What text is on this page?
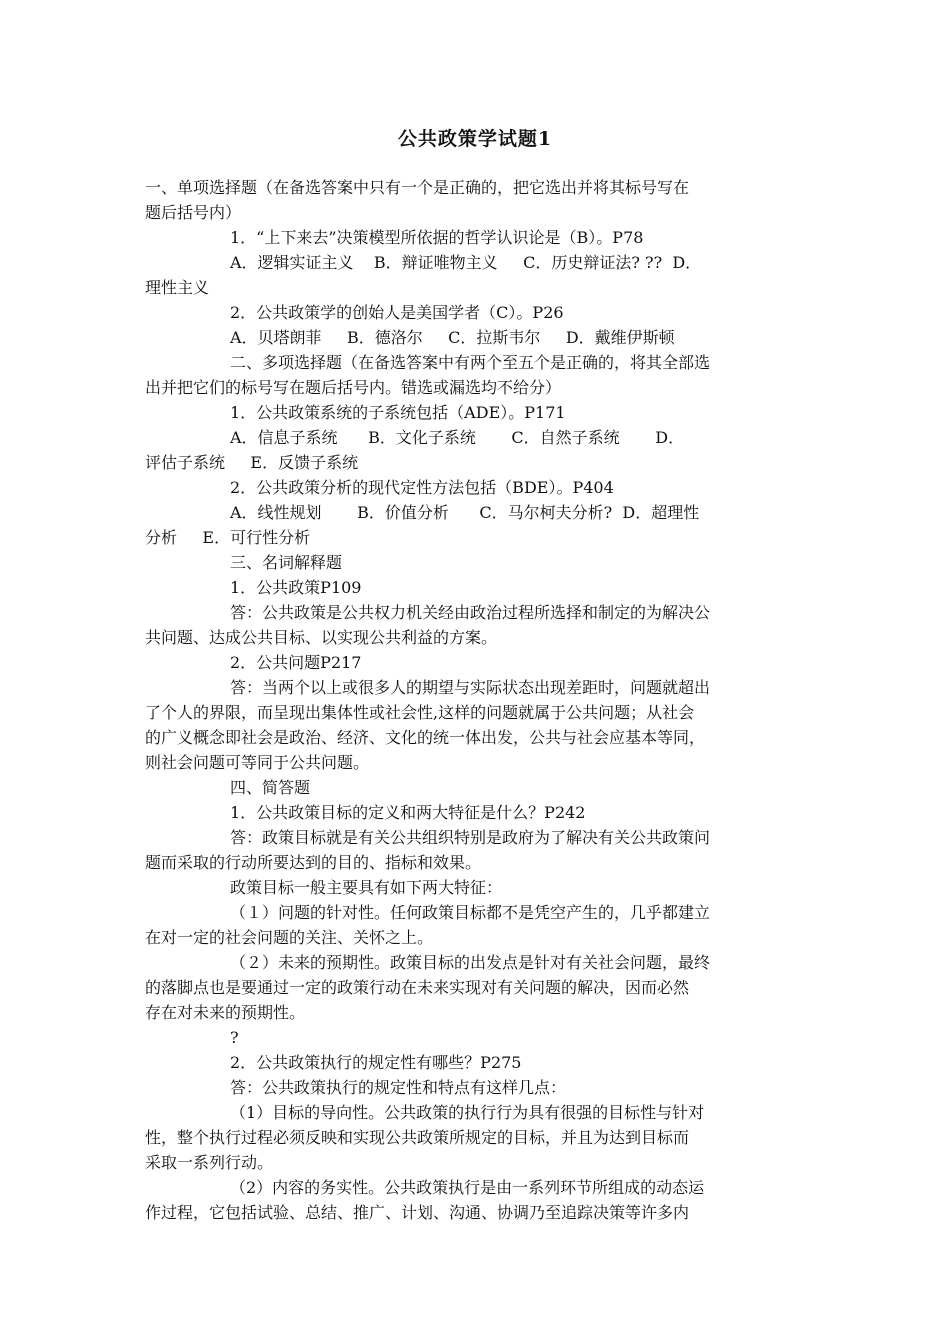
公共政策学试题1
一、单项选择题（在备选答案中只有一个是正确的，把它选出并将其标号写在
题后括号内）
1．“上下来去”决策模型所依据的哲学认识论是（B）。P78
A．逻辑实证主义    B．辩证唯物主义     C．历史辩证法? ??  D．
理性主义
2．公共政策学的创始人是美国学者（C）。P26
A．贝塔朗菲     B．德洛尔     C．拉斯韦尔     D．戴维伊斯顿
二、多项选择题（在备选答案中有两个至五个是正确的，将其全部选
出并把它们的标号写在题后括号内。错选或漏选均不给分）
1．公共政策系统的子系统包括（ADE）。P171
A．信息子系统      B．文化子系统       C．自然子系统       D．
评估子系统     E．反馈子系统
2．公共政策分析的现代定性方法包括（BDE）。P404
A．线性规划       B．价值分析      C．马尔柯夫分析?  D．超理性
分析     E．可行性分析
三、名词解释题
1．公共政策P109
答：公共政策是公共权力机关经由政治过程所选择和制定的为解决公
共问题、达成公共目标、以实现公共利益的方案。
2．公共问题P217
答：当两个以上或很多人的期望与实际状态出现差距时，问题就超出
了个人的界限，而呈现出集体性或社会性,这样的问题就属于公共问题；从社会
的广义概念即社会是政治、经济、文化的统一体出发，公共与社会应基本等同，
则社会问题可等同于公共问题。
四、简答题
1．公共政策目标的定义和两大特征是什么？P242
答：政策目标就是有关公共组织特别是政府为了解决有关公共政策问
题而采取的行动所要达到的目的、指标和效果。
政策目标一般主要具有如下两大特征：
（１）问题的针对性。任何政策目标都不是凭空产生的，几乎都建立
在对一定的社会问题的关注、关怀之上。
（２）未来的预期性。政策目标的出发点是针对有关社会问题，最终
的落脚点也是要通过一定的政策行动在未来实现对有关问题的解决，因而必然
存在对未来的预期性。
?
2．公共政策执行的规定性有哪些？P275
答：公共政策执行的规定性和特点有这样几点：
（1）目标的导向性。公共政策的执行行为具有很强的目标性与针对
性，整个执行过程必须反映和实现公共政策所规定的目标，并且为达到目标而
采取一系列行动。
（2）内容的务实性。公共政策执行是由一系列环节所组成的动态运
作过程，它包括试验、总结、推广、计划、沟通、协调乃至追踪决策等许多内
